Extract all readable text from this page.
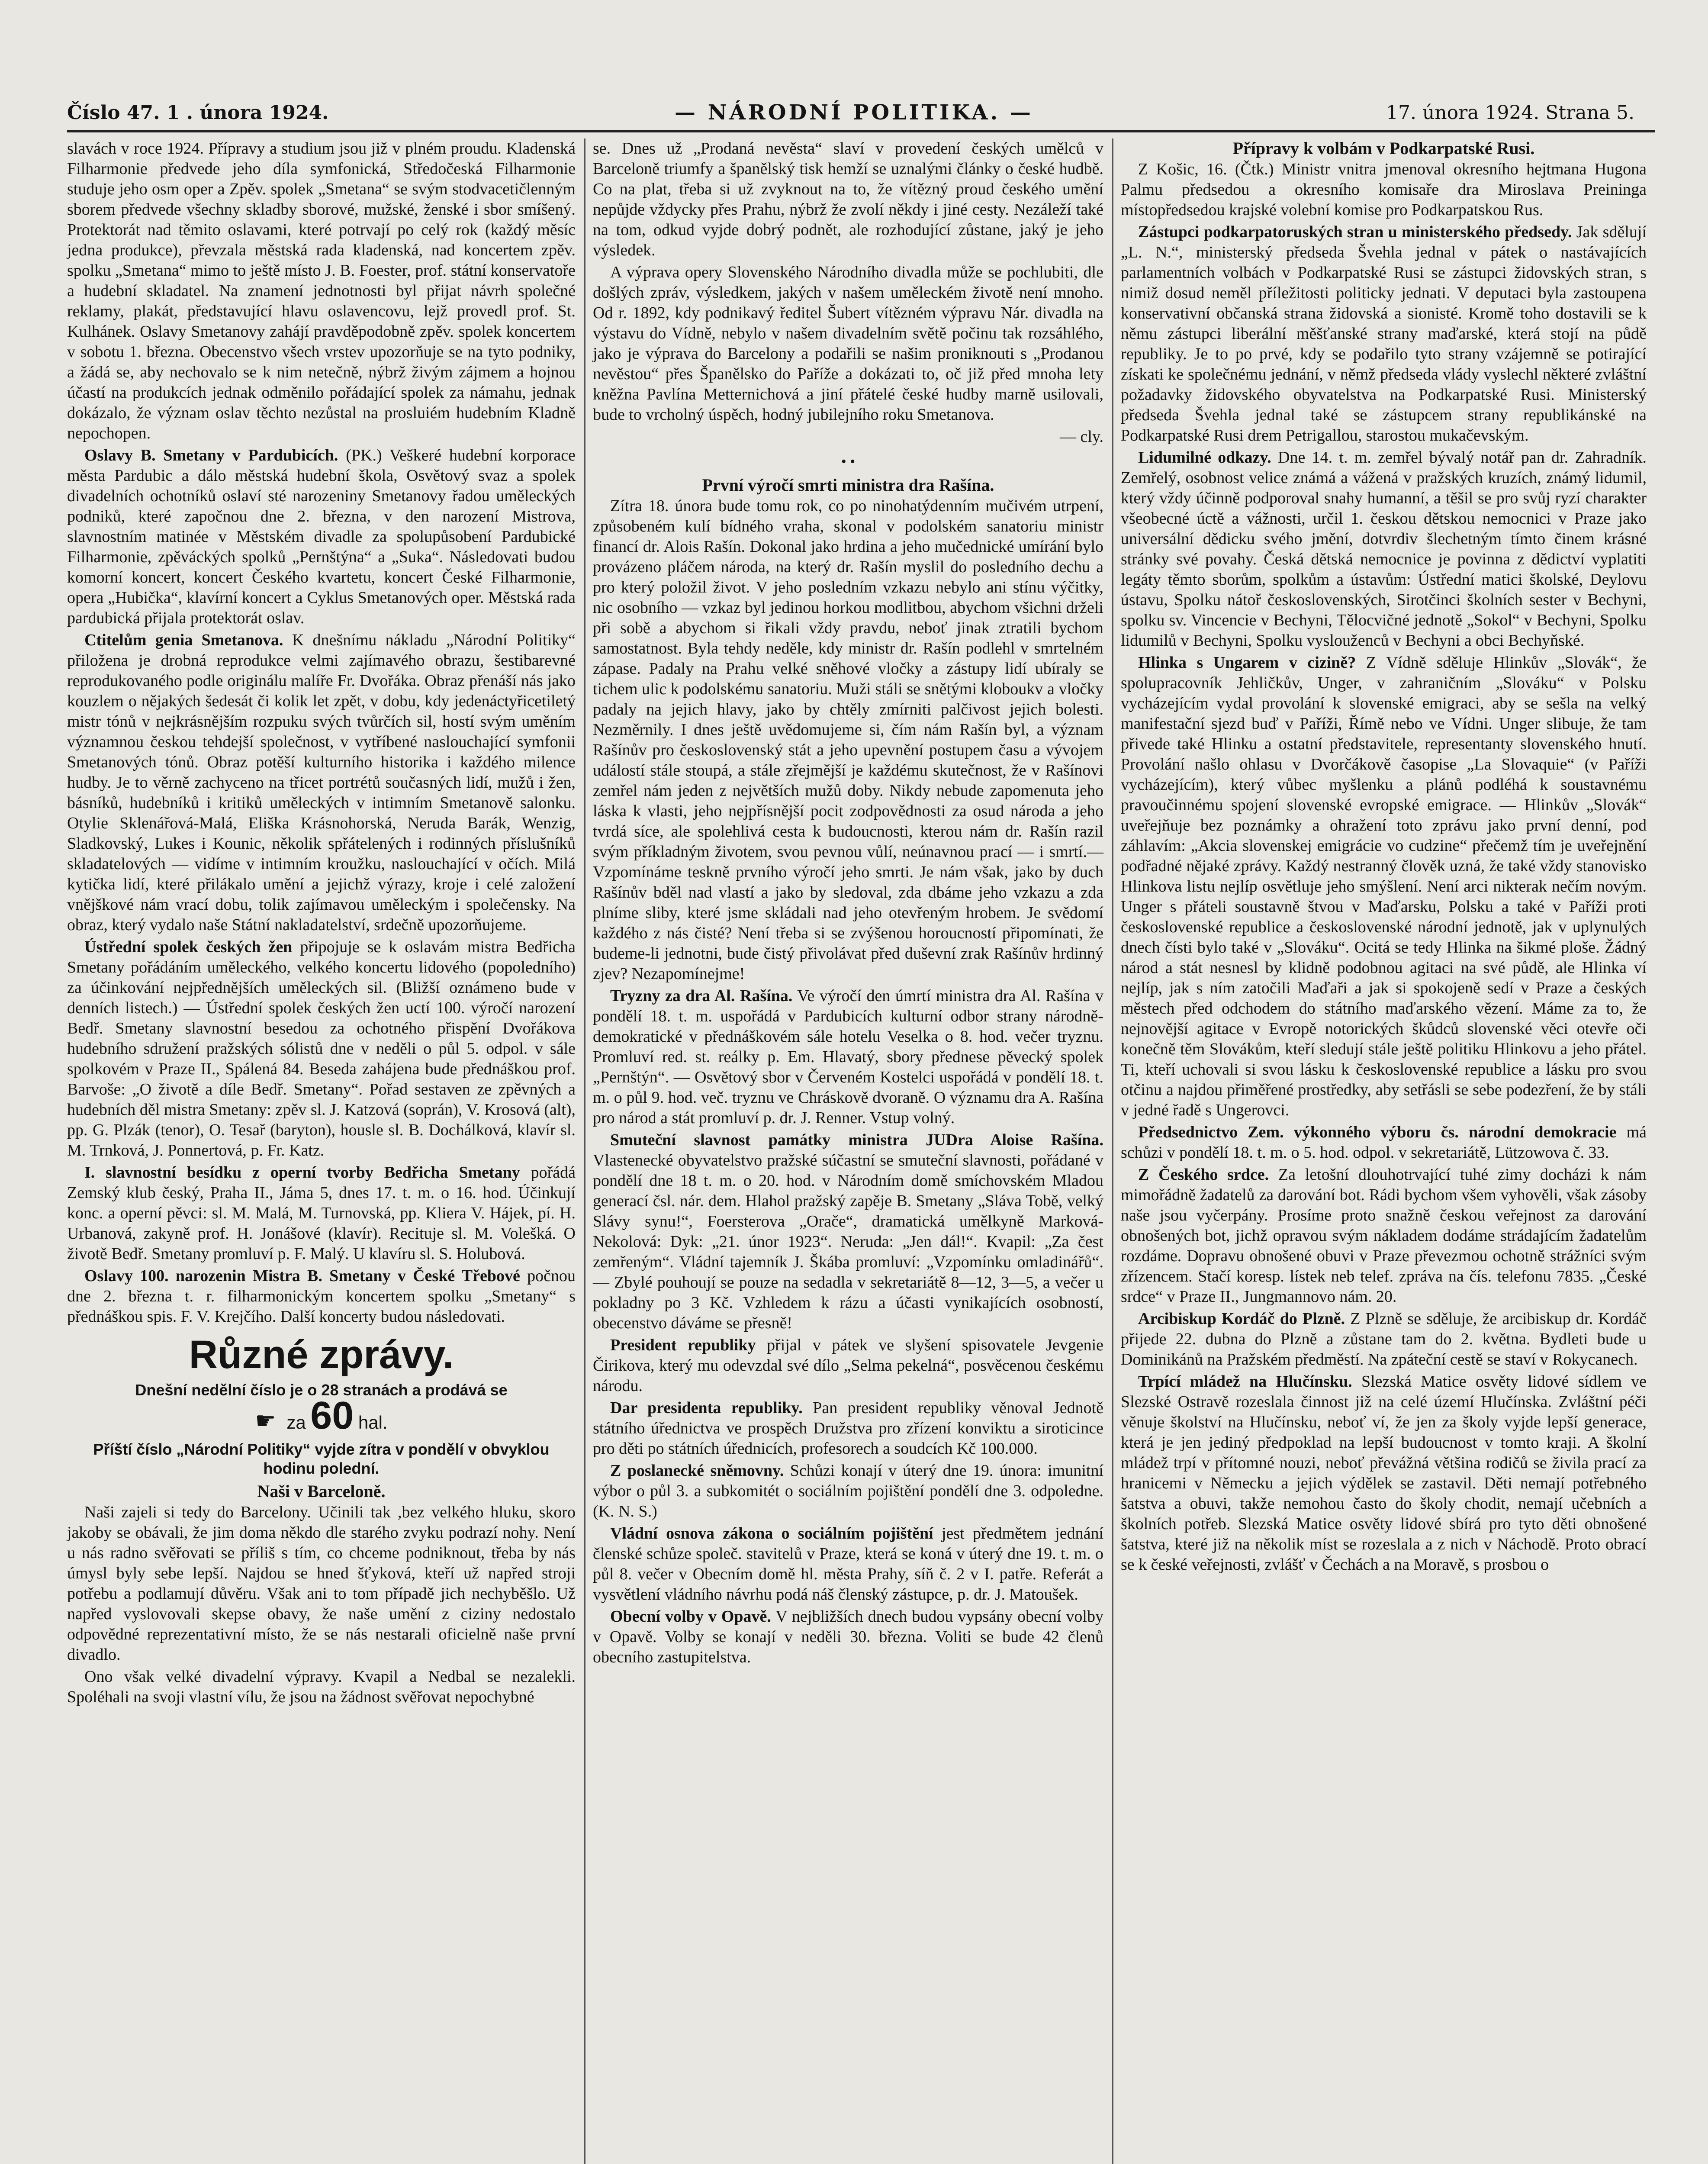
Číslo 47. 1 . února 1924.	— NÁRODNÍ POLITIKA. —	17. února 1924. Strana 5.

slavách v roce 1924. Přípravy a studium jsou již v plném proudu. Kladenská Filharmonie předvede jeho díla symfonická, Středočeská Filharmonie studuje jeho osm oper a Zpěv. spolek „Smetana“ se svým stodvacetičlenným sborem předvede všechny skladby sborové, mužské, ženské i sbor smíšený. Protektorát nad těmito oslavami, které potrvají po celý rok (každý měsíc jedna produkce), převzala městská rada kladenská, nad koncertem zpěv. spolku „Smetana“ mimo to ještě místo J. B. Foester, prof. státní konservatoře a hudební skladatel. Na znamení jednotnosti byl přijat návrh společné reklamy, plakát, představující hlavu oslavencovu, lejž provedl prof. St. Kulhánek. Oslavy Smetanovy zahájí pravděpodobně zpěv. spolek koncertem v sobotu 1. března. Obecenstvo všech vrstev upozorňuje se na tyto podniky, a žádá se, aby nechovalo se k nim netečně, nýbrž živým zájmem a hojnou účastí na produkcích jednak odměnilo pořádající spolek za námahu, jednak dokázalo, že význam oslav těchto nezůstal na prosluiém hudebním Kladně nepochopen.

Oslavy B. Smetany v Pardubicích. (PK.) Veškeré hudební korporace města Pardubic a dálo městská hudební škola, Osvětový svaz a spolek divadelních ochotníků oslaví sté narozeniny Smetanovy řadou uměleckých podniků, které započnou dne 2. března, v den narození Mistrova, slavnostním matinée v Městském divadle za spolupůsobení Pardubické Filharmonie, zpěváckých spolků „Pernštýna“ a „Suka“. Následovati budou komorní koncert, koncert Českého kvartetu, koncert České Filharmonie, opera „Hubička“, klavírní koncert a Cyklus Smetanových oper. Městská rada pardubická přijala protektorát oslav.

Ctitelům genia Smetanova. K dnešnímu nákladu „Národní Politiky“ přiložena je drobná reprodukce velmi zajímavého obrazu, šestibarevné reprodukovaného podle originálu malíře Fr. Dvořáka. Obraz přenáší nás jako kouzlem o nějakých šedesát či kolik let zpět, v dobu, kdy jedenáctyřicetiletý mistr tónů v nejkrásnějším rozpuku svých tvůrčích sil, hostí svým uměním významnou českou tehdejší společnost, v vytříbené naslouchající symfonii Smetanových tónů. Obraz potěší kulturního historika i každého milence hudby. Je to věrně zachyceno na třicet portrétů současných lidí, mužů i žen, básníků, hudebníků i kritiků uměleckých v intimním Smetanově salonku. Otylie Sklenářová-Malá, Eliška Krásnohorská, Neruda Barák, Wenzig, Sladkovský, Lukes i Kounic, několik spřátelených i rodinných příslušníků skladatelových — vidíme v intimním kroužku, naslouchající v očích. Milá kytička lidí, které přilákalo umění a jejichž výrazy, kroje i celé založení vnějškové nám vrací dobu, tolik zajímavou uměleckým i společensky. Na obraz, který vydalo naše Státní nakladatelství, srdečně upozorňujeme.

Ústřední spolek českých žen připojuje se k oslavám mistra Bedřicha Smetany pořádáním uměleckého, velkého koncertu lidového (popoledního) za účinkování nejpřednějších uměleckých sil. (Bližší oznámeno bude v denních listech.) — Ústřední spolek českých žen uctí 100. výročí narození Bedř. Smetany slavnostní besedou za ochotného přispění Dvořákova hudebního sdružení pražských sólistů dne v neděli o půl 5. odpol. v sále spolkovém v Praze II., Spálená 84. Beseda zahájena bude přednáškou prof. Barvoše: „O životě a díle Bedř. Smetany“. Pořad sestaven ze zpěvných a hudebních děl mistra Smetany: zpěv sl. J. Katzová (soprán), V. Krosová (alt), pp. G. Plzák (tenor), O. Tesař (baryton), housle sl. B. Dochálková, klavír sl. M. Trnková, J. Ponnertová, p. Fr. Katz.

I. slavnostní besídku z operní tvorby Bedřicha Smetany pořádá Zemský klub český, Praha II., Jáma 5, dnes 17. t. m. o 16. hod. Účinkují konc. a operní pěvci: sl. M. Malá, M. Turnovská, pp. Kliera V. Hájek, pí. H. Urbanová, zakyně prof. H. Jonášové (klavír). Recituje sl. M. Volešká. O životě Bedř. Smetany promluví p. F. Malý. U klavíru sl. S. Holubová.

Oslavy 100. narozenin Mistra B. Smetany v České Třebové počnou dne 2. března t. r. filharmonickým koncertem spolku „Smetany“ s přednáškou spis. F. V. Krejčího. Další koncerty budou následovati.

Různé zprávy.
Dnešní nedělní číslo je o 28 stranách a prodává se
☛ za 60 hal.
Příští číslo „Národní Politiky“ vyjde zítra v pondělí v obvyklou hodinu polední.
Naši v Barceloně.

Naši zajeli si tedy do Barcelony. Učinili tak ,bez velkého hluku, skoro jakoby se obávali, že jim doma někdo dle starého zvyku podrazí nohy. Není u nás radno svěřovati se příliš s tím, co chceme podniknout, třeba by nás úmysl byly sebe lepší. Najdou se hned šťyková, kteří už napřed stroji potřebu a podlamují důvěru. Však ani to tom případě jich nechyběšlo. Už napřed vyslovovali skepse obavy, že naše umění z ciziny nedostalo odpovědné reprezentativní místo, že se nás nestarali oficielně naše první divadlo.

Ono však velké divadelní výpravy. Kvapil a Nedbal se nezalekli. Spoléhali na svoji vlastní vílu, že jsou na žádnost svěřovat nepochybné

se. Dnes už „Prodaná nevěsta“ slaví v provedení českých umělců v Barceloně triumfy a španělský tisk hemží se uznalými články o české hudbě. Co na plat, třeba si už zvyknout na to, že vítězný proud českého umění nepůjde vždycky přes Prahu, nýbrž že zvolí někdy i jiné cesty. Nezáleží také na tom, odkud vyjde dobrý podnět, ale rozhodující zůstane, jaký je jeho výsledek.

A výprava opery Slovenského Národního divadla může se pochlubiti, dle došlých zpráv, výsledkem, jakých v našem uměleckém životě není mnoho. Od r. 1892, kdy podnikavý ředitel Šubert vítězném výpravu Nár. divadla na výstavu do Vídně, nebylo v našem divadelním světě počinu tak rozsáhlého, jako je výprava do Barcelony a podařili se našim proniknouti s „Prodanou nevěstou“ přes Španělsko do Paříže a dokázati to, oč již před mnoha lety kněžna Pavlína Metternichová a jiní přátelé české hudby marně usilovali, bude to vrcholný úspěch, hodný jubilejního roku Smetanova.

— cly.
• •
První výročí smrti ministra dra Rašína.

Zítra 18. února bude tomu rok, co po ninohatýdenním mučivém utrpení, způsobeném kulí bídného vraha, skonal v podolském sanatoriu ministr financí dr. Alois Rašín. Dokonal jako hrdina a jeho mučednické umírání bylo provázeno pláčem národa, na který dr. Rašín myslil do posledního dechu a pro který položil život. V jeho posledním vzkazu nebylo ani stínu výčitky, nic osobního — vzkaz byl jedinou horkou modlitbou, abychom všichni drželi při sobě a abychom si řikali vždy pravdu, neboť jinak ztratili bychom samostatnost. Byla tehdy neděle, kdy ministr dr. Rašín podlehl v smrtelném zápase. Padaly na Prahu velké sněhové vločky a zástupy lidí ubíraly se tichem ulic k podolskému sanatoriu. Muži stáli se snětými kloboukv a vločky padaly na jejich hlavy, jako by chtěly zmírniti palčivost jejich bolesti. Nezměrnily. I dnes ještě uvědomujeme si, čím nám Rašín byl, a význam Rašínův pro československý stát a jeho upevnění postupem času a vývojem událostí stále stoupá, a stále zřejmější je každému skutečnost, že v Rašínovi zemřel nám jeden z největších mužů doby. Nikdy nebude zapomenuta jeho láska k vlasti, jeho nejpřísnější pocit zodpovědnosti za osud národa a jeho tvrdá síce, ale spolehlivá cesta k budoucnosti, kterou nám dr. Rašín razil svým příkladným životem, svou pevnou vůlí, neúnavnou prací — i smrtí.— Vzpomínáme teskně prvního výročí jeho smrti. Je nám však, jako by duch Rašínův bděl nad vlastí a jako by sledoval, zda dbáme jeho vzkazu a zda plníme sliby, které jsme skládali nad jeho otevřeným hrobem. Je svědomí každého z nás čisté? Není třeba si se zvýšenou horoucností připomínati, že budeme-li jednotni, bude čistý přivolávat před duševní zrak Rašínův hrdinný zjev? Nezapomínejme!

Tryzny za dra Al. Rašína. Ve výročí den úmrtí ministra dra Al. Rašína v pondělí 18. t. m. uspořádá v Pardubicích kulturní odbor strany národně-demokratické v přednáškovém sále hotelu Veselka o 8. hod. večer tryznu. Promluví red. st. reálky p. Em. Hlavatý, sbory přednese pěvecký spolek „Pernštýn“. — Osvětový sbor v Červeném Kostelci uspořádá v pondělí 18. t. m. o půl 9. hod. več. tryznu ve Chráskově dvoraně. O významu dra A. Rašína pro národ a stát promluví p. dr. J. Renner. Vstup volný.

Smuteční slavnost památky ministra JUDra Aloise Rašína. Vlastenecké obyvatelstvo pražské súčastní se smuteční slavnosti, pořádané v pondělí dne 18 t. m. o 20. hod. v Národním domě smíchovském Mladou generací čsl. nár. dem. Hlahol pražský zapěje B. Smetany „Sláva Tobě, velký Slávy synu!“, Foersterova „Orače“, dramatická umělkyně Marková-Nekolová: Dyk: „21. únor 1923“. Neruda: „Jen dál!“. Kvapil: „Za čest zemřeným“. Vládní tajemník J. Škába promluví: „Vzpomínku omladinářů“. — Zbylé pouhoují se pouze na sedadla v sekretariátě 8—12, 3—5, a večer u pokladny po 3 Kč. Vzhledem k rázu a účasti vynikajících osobností, obecenstvo dáváme se přesně!

President republiky přijal v pátek ve slyšení spisovatele Jevgenie Čirikova, který mu odevzdal své dílo „Selma pekelná“, posvěcenou českému národu.

Dar presidenta republiky. Pan president republiky věnoval Jednotě státního úřednictva ve prospěch Družstva pro zřízení konviktu a siroticince pro děti po státních úřednicích, profesorech a soudcích Kč 100.000.

Z poslanecké sněmovny. Schůzi konají v úterý dne 19. února: imunitní výbor o půl 3. a subkomitét o sociálním pojištění pondělí dne 3. odpoledne. (K. N. S.)

Vládní osnova zákona o sociálním pojištění jest předmětem jednání členské schůze společ. stavitelů v Praze, která se koná v úterý dne 19. t. m. o půl 8. večer v Obecním domě hl. města Prahy, síň č. 2 v I. patře. Referát a vysvětlení vládního návrhu podá náš členský zástupce, p. dr. J. Matoušek.

Obecní volby v Opavě. V nejbližších dnech budou vypsány obecní volby v Opavě. Volby se konají v neděli 30. března. Voliti se bude 42 členů obecního zastupitelstva.

Přípravy k volbám v Podkarpatské Rusi.

Z Košic, 16. (Čtk.) Ministr vnitra jmenoval okresního hejtmana Hugona Palmu předsedou a okresního komisaře dra Miroslava Preininga místopředsedou krajské volební komise pro Podkarpatskou Rus.

Zástupci podkarpatoruských stran u ministerského předsedy. Jak sdělují „L. N.“, ministerský předseda Švehla jednal v pátek o nastávajících parlamentních volbách v Podkarpatské Rusi se zástupci židovských stran, s nimiž dosud neměl příležitosti politicky jednati. V deputaci byla zastoupena konservativní občanská strana židovská a sionisté. Kromě toho dostavili se k němu zástupci liberální měšťanské strany maďarské, která stojí na půdě republiky. Je to po prvé, kdy se podařilo tyto strany vzájemně se potirající získati ke společnému jednání, v němž předseda vlády vyslechl některé zvláštní požadavky židovského obyvatelstva na Podkarpatské Rusi. Ministerský předseda Švehla jednal také se zástupcem strany republikánské na Podkarpatské Rusi drem Petrigallou, starostou mukačevským.

Lidumilné odkazy. Dne 14. t. m. zemřel bývalý notář pan dr. Zahradník. Zemřelý, osobnost velice známá a vážená v pražských kruzích, známý lidumil, který vždy účinně podporoval snahy humanní, a těšil se pro svůj ryzí charakter všeobecné úctě a vážnosti, určil 1. českou dětskou nemocnici v Praze jako universální dědicku svého jmění, dotvrdiv šlechetným tímto činem krásné stránky své povahy. Česká dětská nemocnice je povinna z dědictví vyplatiti legáty těmto sborům, spolkům a ústavům: Ústřední matici školské, Deylovu ústavu, Spolku nátoř československých, Sirotčinci školních sester v Bechyni, spolku sv. Vincencie v Bechyni, Tělocvičné jednotě „Sokol“ v Bechyni, Spolku lidumilů v Bechyni, Spolku vyslouženců v Bechyni a obci Bechyňské.

Hlinka s Ungarem v cizině? Z Vídně sděluje Hlinkův „Slovák“, že spolupracovník Jehličkův, Unger, v zahraničním „Slováku“ v Polsku vycházejícím vydal provolání k slovenské emigraci, aby se sešla na velký manifestační sjezd buď v Paříži, Římě nebo ve Vídni. Unger slibuje, že tam přivede také Hlinku a ostatní představitele, representanty slovenského hnutí. Provolání našlo ohlasu v Dvorčákově časopise „La Slovaquie“ (v Paříži vycházejícím), který vůbec myšlenku a plánů podléhá k soustavnému pravoučinnému spojení slovenské evropské emigrace. — Hlinkův „Slovák“ uveřejňuje bez poznámky a ohražení toto zprávu jako první denní, pod záhlavím: „Akcia slovenskej emigrácie vo cudzine“ přečemž tím je uveřejnění podřadné nějaké zprávy. Každý nestranný člověk uzná, že také vždy stanovisko Hlinkova listu nejlíp osvětluje jeho smýšlení. Není arci nikterak nečím novým. Unger s přáteli soustavně štvou v Maďarsku, Polsku a také v Paříži proti československé republice a československé národní jednotě, jak v uplynulých dnech čísti bylo také v „Slováku“. Ocitá se tedy Hlinka na šikmé ploše. Žádný národ a stát nesnesl by klidně podobnou agitaci na své půdě, ale Hlinka ví nejlíp, jak s ním zatočili Maďaři a jak si spokojeně sedí v Praze a českých městech před odchodem do státního maďarského vězení. Máme za to, že nejnovější agitace v Evropě notorických škůdců slovenské věci otevře oči konečně těm Slovákům, kteří sledují stále ještě politiku Hlinkovu a jeho přátel. Ti, kteří uchovali si svou lásku k československé republice a lásku pro svou otčinu a najdou přiměřené prostředky, aby setřásli se sebe podezření, že by stáli v jedné řadě s Ungerovci.

Předsednictvo Zem. výkonného výboru čs. národní demokracie má schůzi v pondělí 18. t. m. o 5. hod. odpol. v sekretariátě, Lützowova č. 33.

Z Českého srdce. Za letošní dlouhotrvající tuhé zimy docházi k nám mimořádně žadatelů za darování bot. Rádi bychom všem vyhověli, však zásoby naše jsou vyčerpány. Prosíme proto snažně českou veřejnost za darování obnošených bot, jichž opravou svým nákladem dodáme strádajícím žadatelům rozdáme. Dopravu obnošené obuvi v Praze převezmou ochotně strážníci svým zřízencem. Stačí koresp. lístek neb telef. zpráva na čís. telefonu 7835. „České srdce“ v Praze II., Jungmannovo nám. 20.

Arcibiskup Kordáč do Plzně. Z Plzně se sděluje, že arcibiskup dr. Kordáč přijede 22. dubna do Plzně a zůstane tam do 2. května. Bydleti bude u Dominikánů na Pražském předměstí. Na zpáteční cestě se staví v Rokycanech.

Trpící mládež na Hlučínsku. Slezská Matice osvěty lidové sídlem ve Slezské Ostravě rozeslala činnost již na celé území Hlučínska. Zvláštní péči věnuje školství na Hlučínsku, neboť ví, že jen za školy vyjde lepší generace, která je jen jediný předpoklad na lepší budoucnost v tomto kraji. A školní mládež trpí v přítomné nouzi, neboť převážná většina rodičů se živila prací za hranicemi v Německu a jejich výdělek se zastavil. Děti nemají potřebného šatstva a obuvi, takže nemohou často do školy chodit, nemají učebních a školních potřeb. Slezská Matice osvěty lidové sbírá pro tyto děti obnošené šatstva, které již na několik míst se rozeslala a z nich v Náchodě. Proto obrací se k české veřejnosti, zvlášť v Čechách a na Moravě, s prosbou o
